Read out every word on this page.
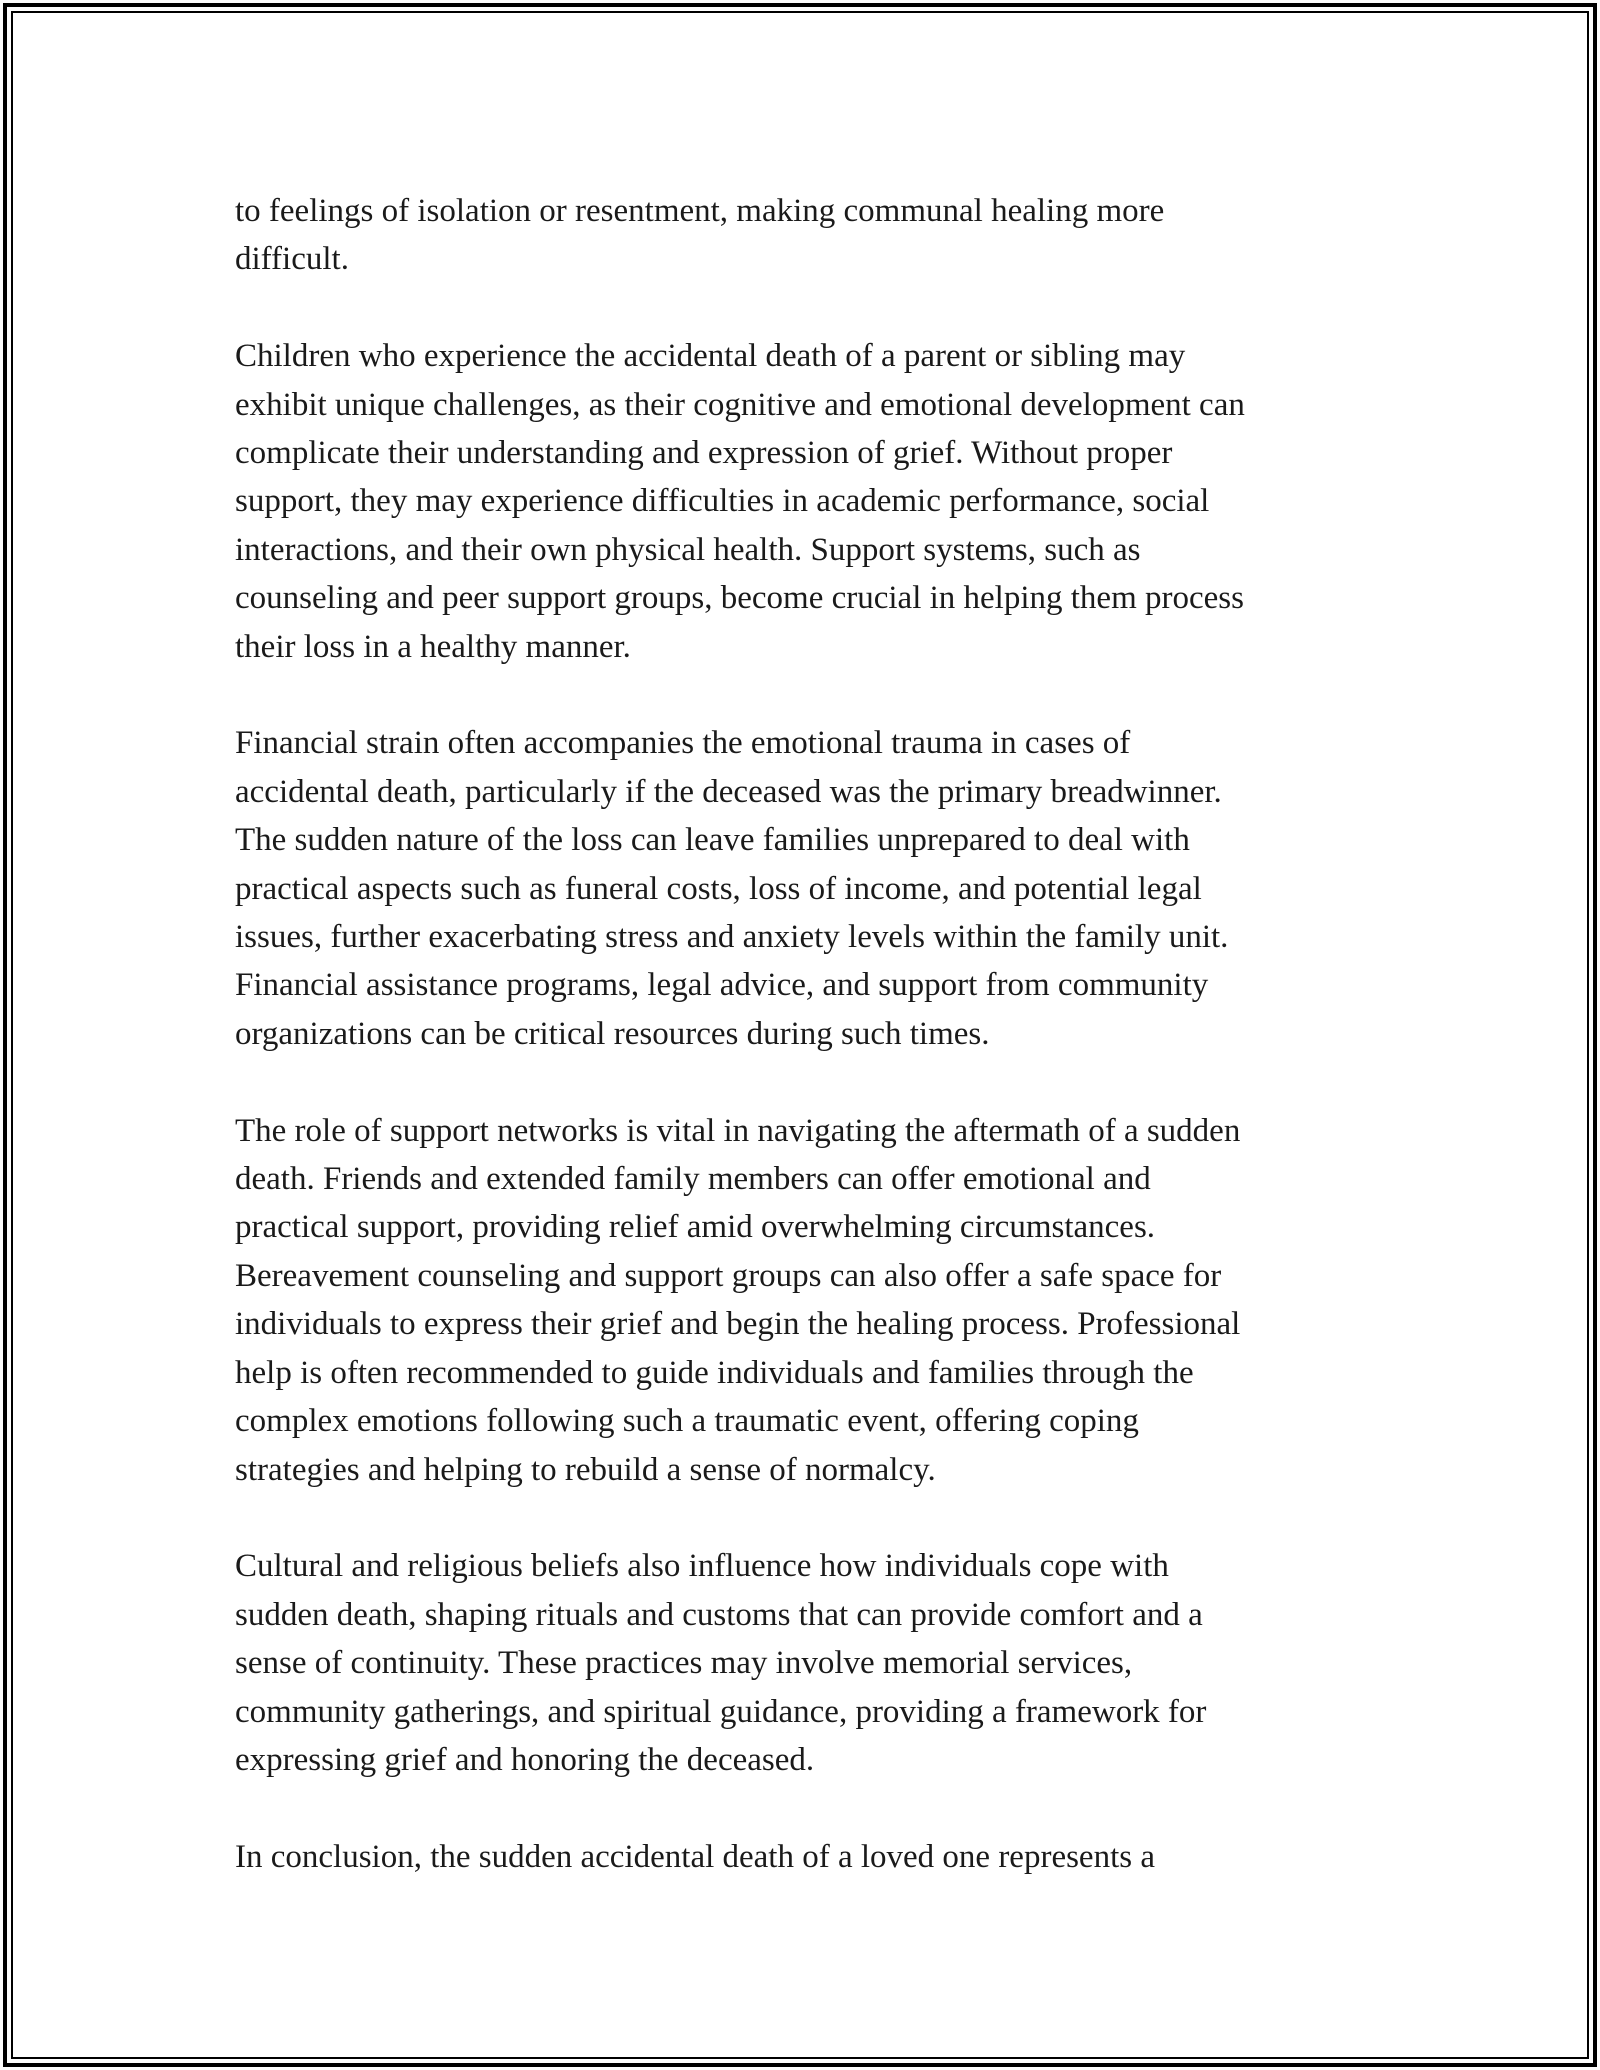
to feelings of isolation or resentment, making communal healing more
difficult.

Children who experience the accidental death of a parent or sibling may
exhibit unique challenges, as their cognitive and emotional development can
complicate their understanding and expression of grief. Without proper
support, they may experience difficulties in academic performance, social
interactions, and their own physical health. Support systems, such as
counseling and peer support groups, become crucial in helping them process
their loss in a healthy manner.

Financial strain often accompanies the emotional trauma in cases of
accidental death, particularly if the deceased was the primary breadwinner.
The sudden nature of the loss can leave families unprepared to deal with
practical aspects such as funeral costs, loss of income, and potential legal
issues, further exacerbating stress and anxiety levels within the family unit.
Financial assistance programs, legal advice, and support from community
organizations can be critical resources during such times.

The role of support networks is vital in navigating the aftermath of a sudden
death. Friends and extended family members can offer emotional and
practical support, providing relief amid overwhelming circumstances.
Bereavement counseling and support groups can also offer a safe space for
individuals to express their grief and begin the healing process. Professional
help is often recommended to guide individuals and families through the
complex emotions following such a traumatic event, offering coping
strategies and helping to rebuild a sense of normalcy.

Cultural and religious beliefs also influence how individuals cope with
sudden death, shaping rituals and customs that can provide comfort and a
sense of continuity. These practices may involve memorial services,
community gatherings, and spiritual guidance, providing a framework for
expressing grief and honoring the deceased.

In conclusion, the sudden accidental death of a loved one represents a
